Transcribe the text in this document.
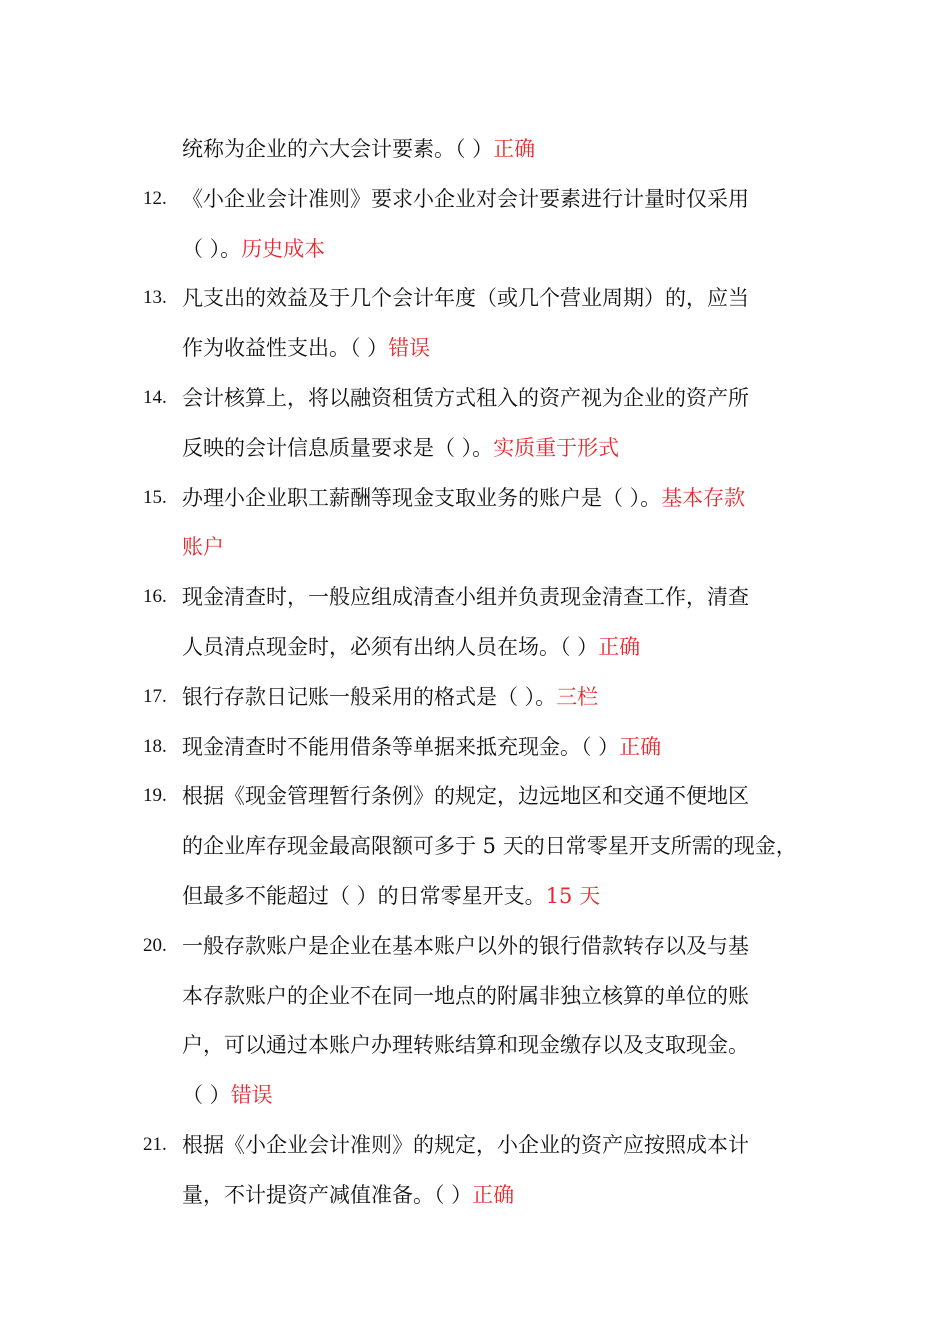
统称为企业的六大会计要素。（ ）正确
12. 《小企业会计准则》要求小企业对会计要素进行计量时仅采用
（ ）。历史成本
13. 凡支出的效益及于几个会计年度（或几个营业周期）的，应当
作为收益性支出。（ ）错误
14. 会计核算上，将以融资租赁方式租入的资产视为企业的资产所
反映的会计信息质量要求是（ ）。实质重于形式
15. 办理小企业职工薪酬等现金支取业务的账户是（ ）。基本存款
账户
16. 现金清查时，一般应组成清查小组并负责现金清查工作，清查
人员清点现金时，必须有出纳人员在场。（ ）正确
17. 银行存款日记账一般采用的格式是（ ）。三栏
18. 现金清查时不能用借条等单据来抵充现金。（ ）正确
19. 根据《现金管理暂行条例》的规定，边远地区和交通不便地区
的企业库存现金最高限额可多于 5 天的日常零星开支所需的现金，
但最多不能超过（ ）的日常零星开支。15 天
20. 一般存款账户是企业在基本账户以外的银行借款转存以及与基
本存款账户的企业不在同一地点的附属非独立核算的单位的账
户，可以通过本账户办理转账结算和现金缴存以及支取现金。
（ ）错误
21. 根据《小企业会计准则》的规定，小企业的资产应按照成本计
量，不计提资产减值准备。（ ）正确
